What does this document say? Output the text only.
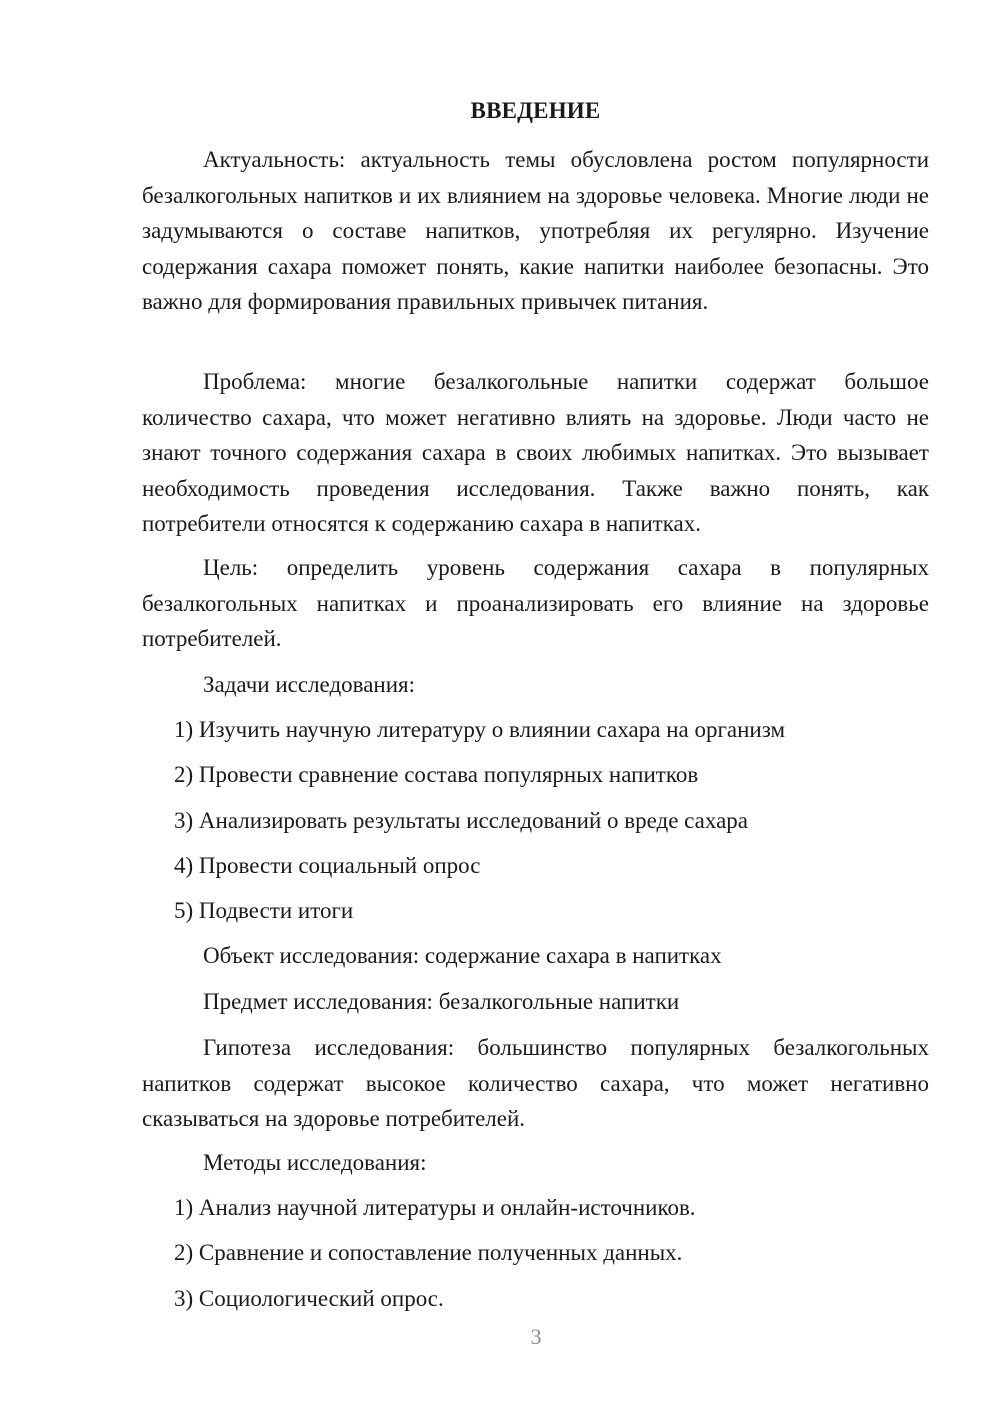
ВВЕДЕНИЕ

Актуальность: актуальность темы обусловлена ростом популярности безалкогольных напитков и их влиянием на здоровье человека. Многие люди не задумываются о составе напитков, употребляя их регулярно. Изучение содержания сахара поможет понять, какие напитки наиболее безопасны. Это важно для формирования правильных привычек питания.

Проблема: многие безалкогольные напитки содержат большое количество сахара, что может негативно влиять на здоровье. Люди часто не знают точного содержания сахара в своих любимых напитках. Это вызывает необходимость проведения исследования. Также важно понять, как потребители относятся к содержанию сахара в напитках.

Цель: определить уровень содержания сахара в популярных безалкогольных напитках и проанализировать его влияние на здоровье потребителей.

Задачи исследования:

1) Изучить научную литературу о влиянии сахара на организм

2) Провести сравнение состава популярных напитков

3) Анализировать результаты исследований о вреде сахара

4) Провести социальный опрос

5) Подвести итоги

Объект исследования: содержание сахара в напитках

Предмет исследования: безалкогольные напитки

Гипотеза исследования: большинство популярных безалкогольных напитков содержат высокое количество сахара, что может негативно сказываться на здоровье потребителей.

Методы исследования:

1) Анализ научной литературы и онлайн-источников.

2) Сравнение и сопоставление полученных данных.

3) Социологический опрос.

3
